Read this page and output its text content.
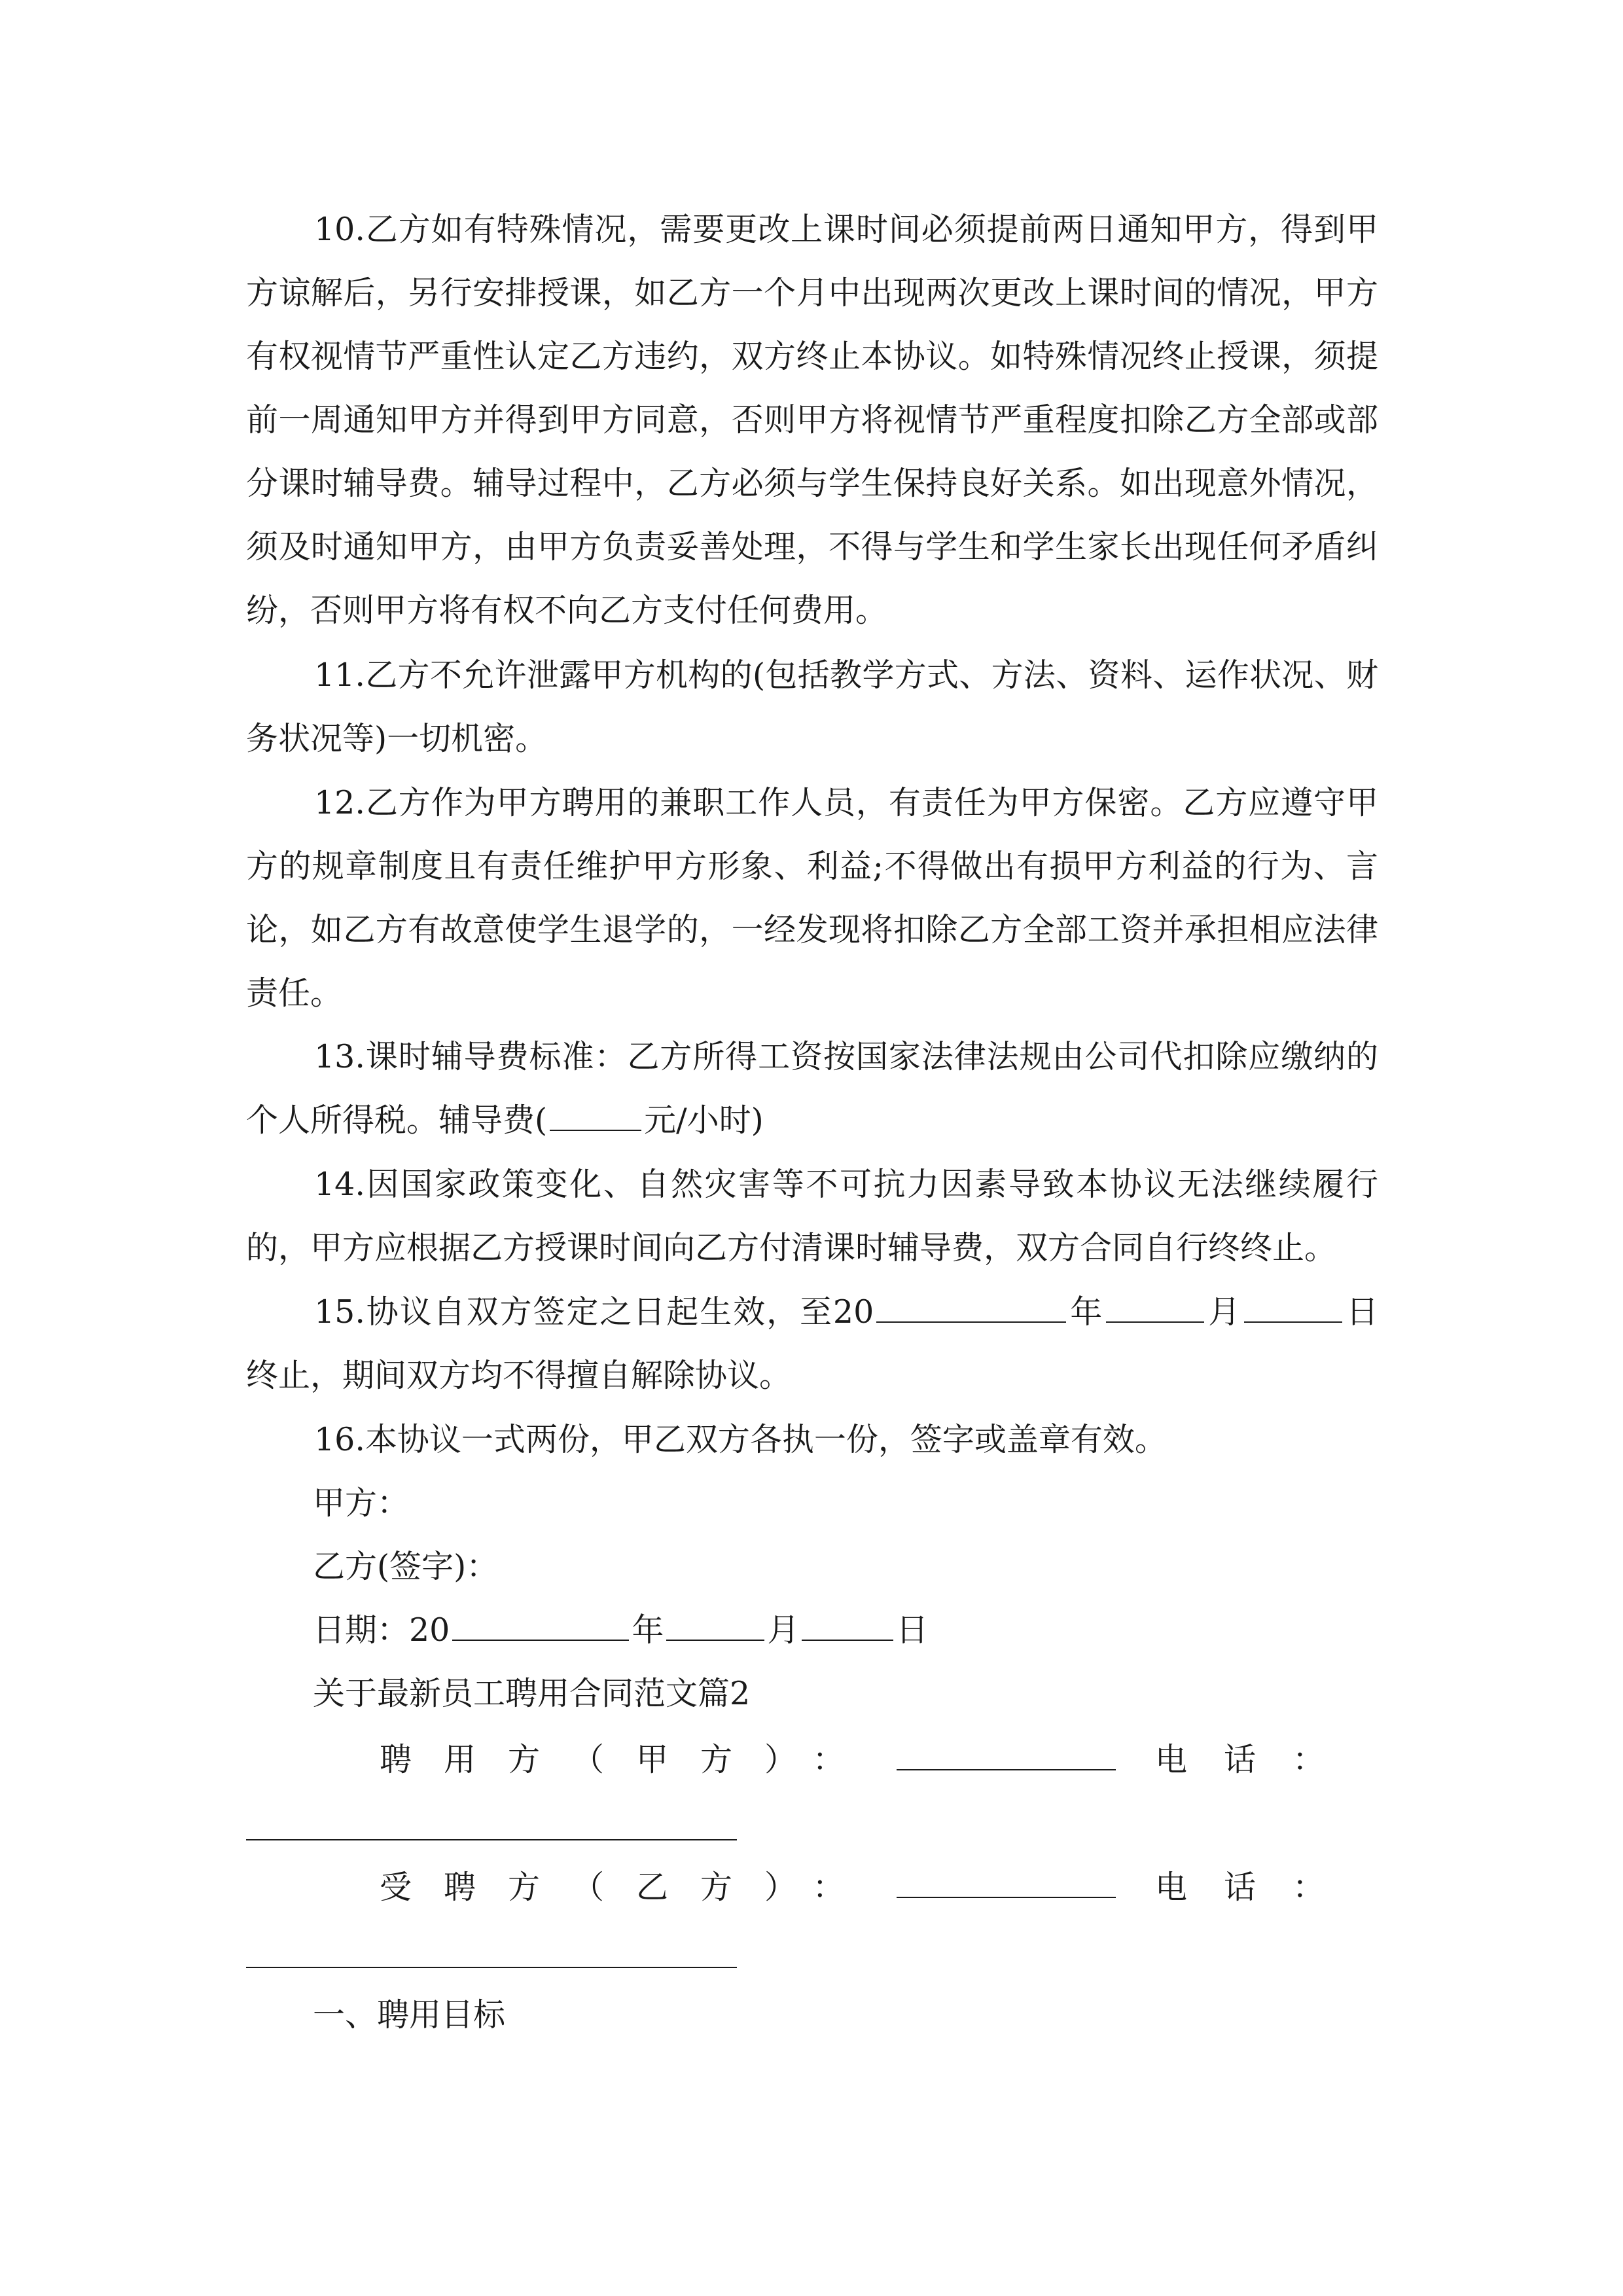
10.乙方如有特殊情况，需要更改上课时间必须提前两日通知甲方，得到甲方谅解后，另行安排授课，如乙方一个月中出现两次更改上课时间的情况，甲方有权视情节严重性认定乙方违约，双方终止本协议。如特殊情况终止授课，须提前一周通知甲方并得到甲方同意，否则甲方将视情节严重程度扣除乙方全部或部分课时辅导费。辅导过程中，乙方必须与学生保持良好关系。如出现意外情况，须及时通知甲方，由甲方负责妥善处理，不得与学生和学生家长出现任何矛盾纠纷，否则甲方将有权不向乙方支付任何费用。

11.乙方不允许泄露甲方机构的(包括教学方式、方法、资料、运作状况、财务状况等)一切机密。

12.乙方作为甲方聘用的兼职工作人员，有责任为甲方保密。乙方应遵守甲方的规章制度且有责任维护甲方形象、利益;不得做出有损甲方利益的行为、言论，如乙方有故意使学生退学的，一经发现将扣除乙方全部工资并承担相应法律责任。

13.课时辅导费标准：乙方所得工资按国家法律法规由公司代扣除应缴纳的个人所得税。辅导费(	元/小时)

14.因国家政策变化、自然灾害等不可抗力因素导致本协议无法继续履行的，甲方应根据乙方授课时间向乙方付清课时辅导费，双方合同自行终终止。

15.协议自双方签定之日起生效，至20	年	月	日终止，期间双方均不得擅自解除协议。

16.本协议一式两份，甲乙双方各执一份，签字或盖章有效。

甲方：

乙方(签字)：

日期：20	年	月	日

关于最新员工聘用合同范文篇2

聘用方（甲方）：	电话：
受聘方（乙方）：	电话：

一、聘用目标
